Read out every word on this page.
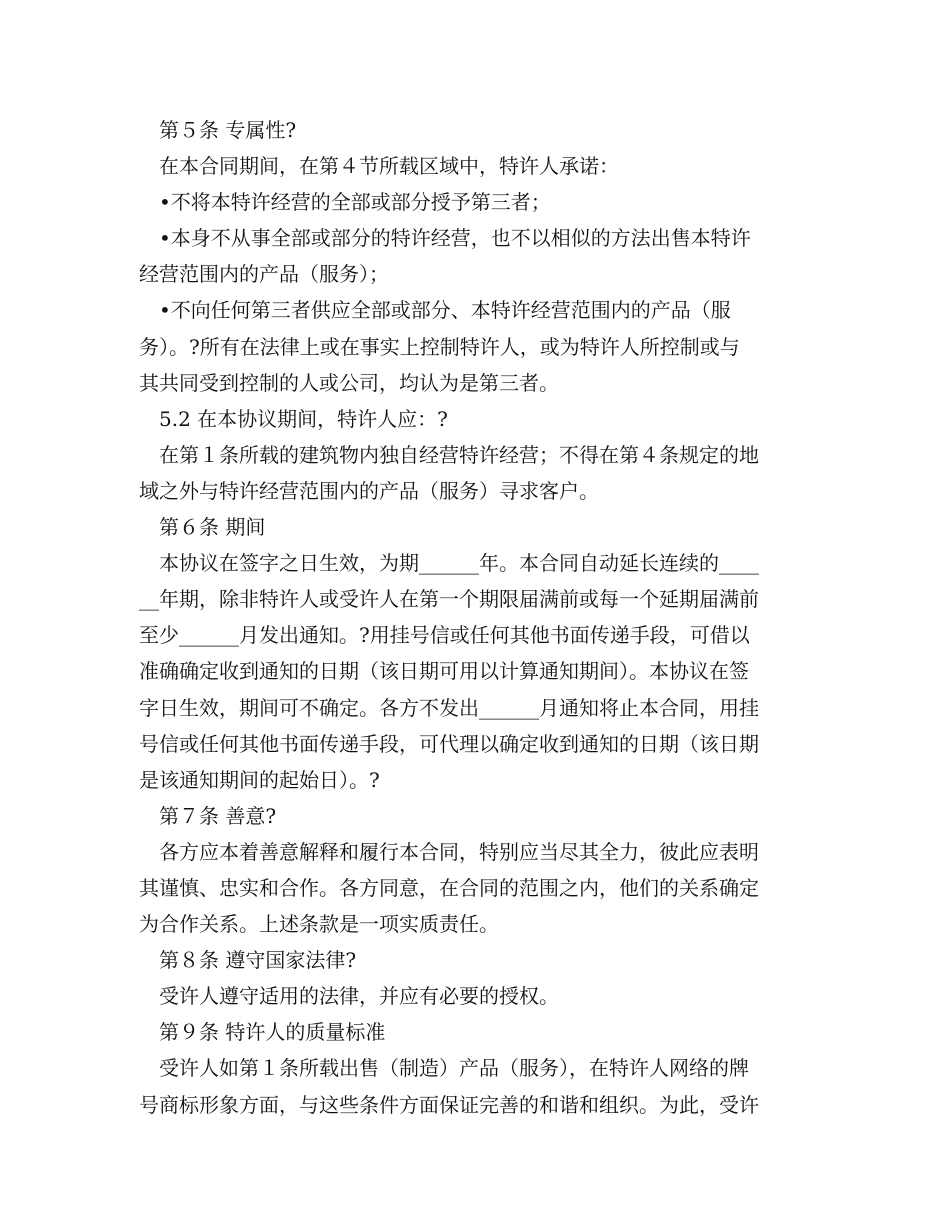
　第５条 专属性?

　在本合同期间，在第４节所载区域中，特许人承诺：

　•不将本特许经营的全部或部分授予第三者；

　•本身不从事全部或部分的特许经营，也不以相似的方法出售本特许

经营范围内的产品（服务）；

　•不向任何第三者供应全部或部分、本特许经营范围内的产品（服

务）。?所有在法律上或在事实上控制特许人，或为特许人所控制或与

其共同受到控制的人或公司，均认为是第三者。

　5.2 在本协议期间，特许人应：?

　在第１条所载的建筑物内独自经营特许经营；不得在第４条规定的地

域之外与特许经营范围内的产品（服务）寻求客户。

　第６条 期间

　本协议在签字之日生效，为期______年。本合同自动延长连续的____

__年期，除非特许人或受许人在第一个期限届满前或每一个延期届满前

至少______月发出通知。?用挂号信或任何其他书面传递手段，可借以

准确确定收到通知的日期（该日期可用以计算通知期间）。本协议在签

字日生效，期间可不确定。各方不发出______月通知将止本合同，用挂

号信或任何其他书面传递手段，可代理以确定收到通知的日期（该日期

是该通知期间的起始日）。?

　第７条 善意?

　各方应本着善意解释和履行本合同，特别应当尽其全力，彼此应表明

其谨慎、忠实和合作。各方同意，在合同的范围之内，他们的关系确定

为合作关系。上述条款是一项实质责任。

　第８条 遵守国家法律?

　受许人遵守适用的法律，并应有必要的授权。

　第９条 特许人的质量标准

　受许人如第１条所载出售（制造）产品（服务），在特许人网络的牌

号商标形象方面，与这些条件方面保证完善的和谐和组织。为此，受许
